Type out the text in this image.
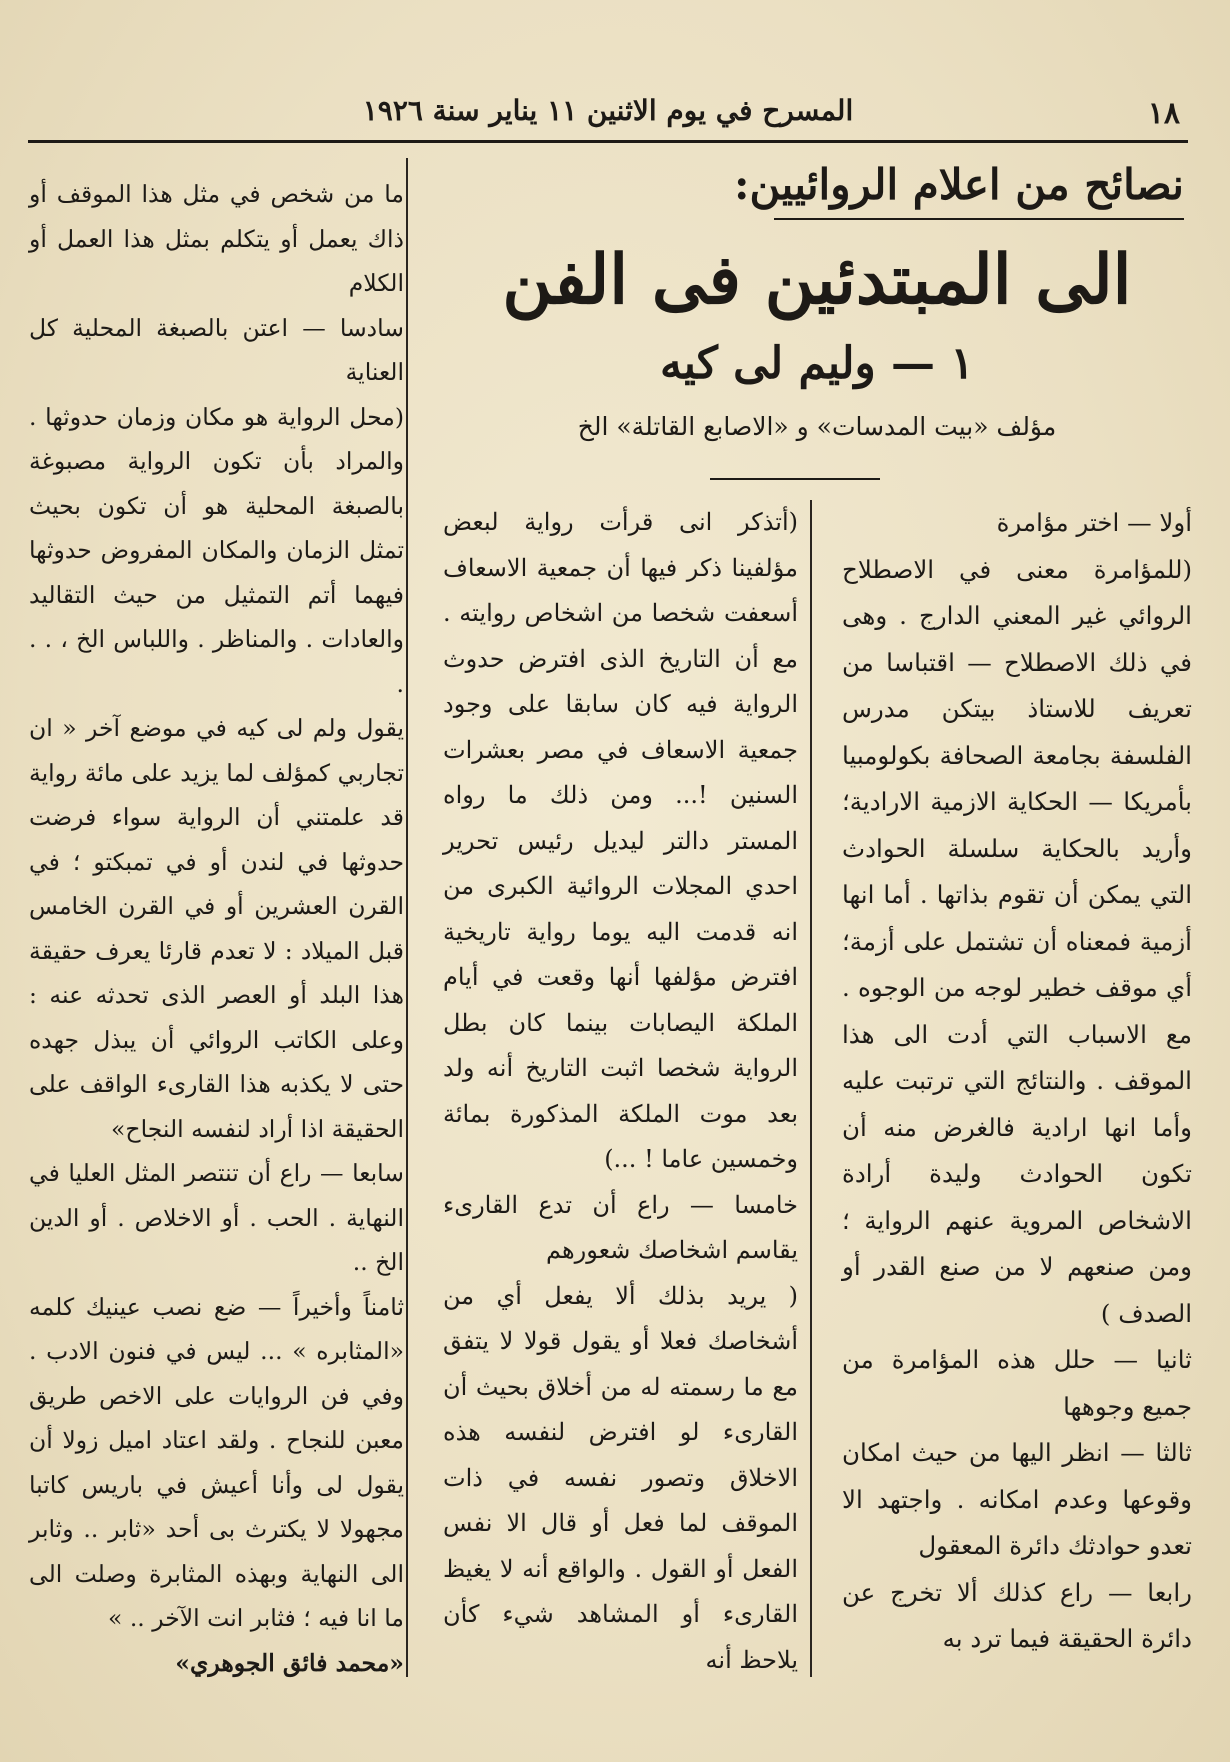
١٨
المسرح في يوم الاثنين ١١ يناير سنة ١٩٢٦
نصائح من اعلام الروائيين:
الى المبتدئين فى الفن
١ — وليم لى كيه
مؤلف «بيت المدسات» و «الاصابع القاتلة» الخ

أولا — اختر مؤامرة

(للمؤامرة معنى في الاصطلاح الروائي غير المعني الدارج . وهى في ذلك الاصطلاح — اقتباسا من تعريف للاستاذ بيتكن مدرس الفلسفة بجامعة الصحافة بكولومبيا بأمريكا — الحكاية الازمية الارادية؛ وأريد بالحكاية سلسلة الحوادث التي يمكن أن تقوم بذاتها . أما انها أزمية فمعناه أن تشتمل على أزمة؛ أي موقف خطير لوجه من الوجوه . مع الاسباب التي أدت الى هذا الموقف . والنتائج التي ترتبت عليه وأما انها ارادية فالغرض منه أن تكون الحوادث وليدة أرادة الاشخاص المروية عنهم الرواية ؛ ومن صنعهم لا من صنع القدر أو الصدف )

ثانيا — حلل هذه المؤامرة من جميع وجوهها

ثالثا — انظر اليها من حيث امكان وقوعها وعدم امكانه . واجتهد الا تعدو حوادثك دائرة المعقول

رابعا — راع كذلك ألا تخرج عن دائرة الحقيقة فيما ترد به

(أتذكر انى قرأت رواية لبعض مؤلفينا ذكر فيها أن جمعية الاسعاف أسعفت شخصا من اشخاص روايته . مع أن التاريخ الذى افترض حدوث الرواية فيه كان سابقا على وجود جمعية الاسعاف في مصر بعشرات السنين !... ومن ذلك ما رواه المستر دالتر ليديل رئيس تحرير احدي المجلات الروائية الكبرى من انه قدمت اليه يوما رواية تاريخية افترض مؤلفها أنها وقعت في أيام الملكة اليصابات بينما كان بطل الرواية شخصا اثبت التاريخ أنه ولد بعد موت الملكة المذكورة بمائة وخمسين عاما ! ...)

خامسا — راع أن تدع القارىء يقاسم اشخاصك شعورهم

( يريد بذلك ألا يفعل أي من أشخاصك فعلا أو يقول قولا لا يتفق مع ما رسمته له من أخلاق بحيث أن القارىء لو افترض لنفسه هذه الاخلاق وتصور نفسه في ذات الموقف لما فعل أو قال الا نفس الفعل أو القول . والواقع أنه لا يغيظ القارىء أو المشاهد شيء كأن يلاحظ أنه

ما من شخص في مثل هذا الموقف أو ذاك يعمل أو يتكلم بمثل هذا العمل أو الكلام

سادسا — اعتن بالصبغة المحلية كل العناية

(محل الرواية هو مكان وزمان حدوثها . والمراد بأن تكون الرواية مصبوغة بالصبغة المحلية هو أن تكون بحيث تمثل الزمان والمكان المفروض حدوثها فيهما أتم التمثيل من حيث التقاليد والعادات . والمناظر . واللباس الخ ، . . .

يقول ولم لى كيه في موضع آخر « ان تجاربي كمؤلف لما يزيد على مائة رواية قد علمتني أن الرواية سواء فرضت حدوثها في لندن أو في تمبكتو ؛ في القرن العشرين أو في القرن الخامس قبل الميلاد : لا تعدم قارئا يعرف حقيقة هذا البلد أو العصر الذى تحدثه عنه : وعلى الكاتب الروائي أن يبذل جهده حتى لا يكذبه هذا القارىء الواقف على الحقيقة اذا أراد لنفسه النجاح»

سابعا — راع أن تنتصر المثل العليا في النهاية . الحب . أو الاخلاص . أو الدين الخ ..

ثامناً وأخيراً — ضع نصب عينيك كلمه «المثابره » ... ليس في فنون الادب . وفي فن الروايات على الاخص طريق معبن للنجاح . ولقد اعتاد اميل زولا أن يقول لى وأنا أعيش في باريس كاتبا مجهولا لا يكترث بى أحد «ثابر .. وثابر الى النهاية وبهذه المثابرة وصلت الى ما انا فيه ؛ فثابر انت الآخر .. »

«محمد فائق الجوهري»
